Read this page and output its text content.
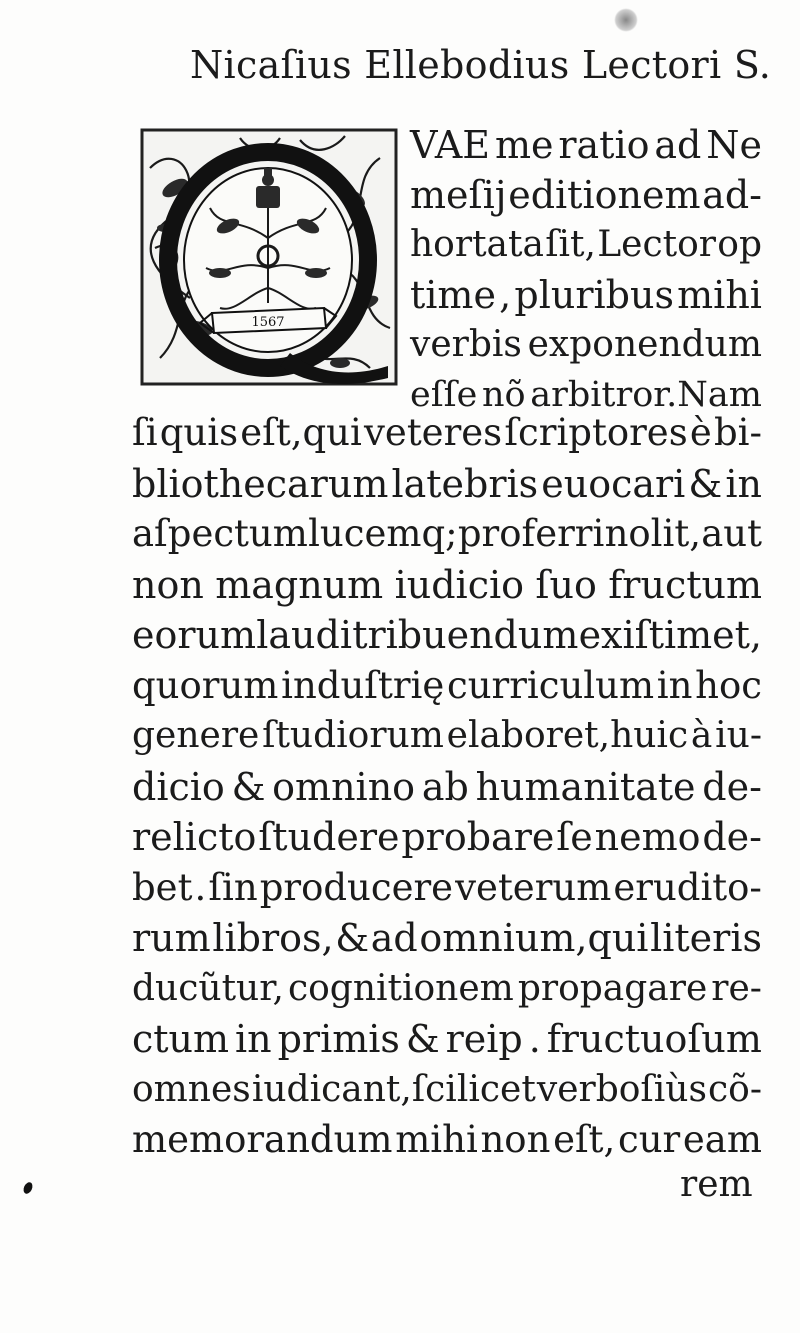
Nicaſius Ellebodius Lectori S.
1567
VAE me ratio ad Ne
meſij editionem ad-
hortata ſit, Lector op
time , pluribus mihi
verbis exponendum
eſſe nõ arbitror.Nam
ſi quis eſt,qui veteres ſcriptores è bi-
bliothecarum latebris euocari & in
aſpectum lucemq; proferri nolit, aut
non magnum iudicio ſuo fructum
eorum laudi tribuendum exiſtimet,
quorum induſtrię curriculum in hoc
genere ſtudiorum elaboret,huic à iu-
dicio & omnino ab humanitate de-
relicto ſtudere probare ſe nemo de-
bet . ſin producere veterum erudito-
rum libros, & ad omnium,qui literis
ducũtur, cognitionem propagare re-
ctum in primis & reip . fructuoſum
omnes iudicant,ſcilicet verboſiùs cõ-
memorandum mihi non eſt, cur eam
rem
